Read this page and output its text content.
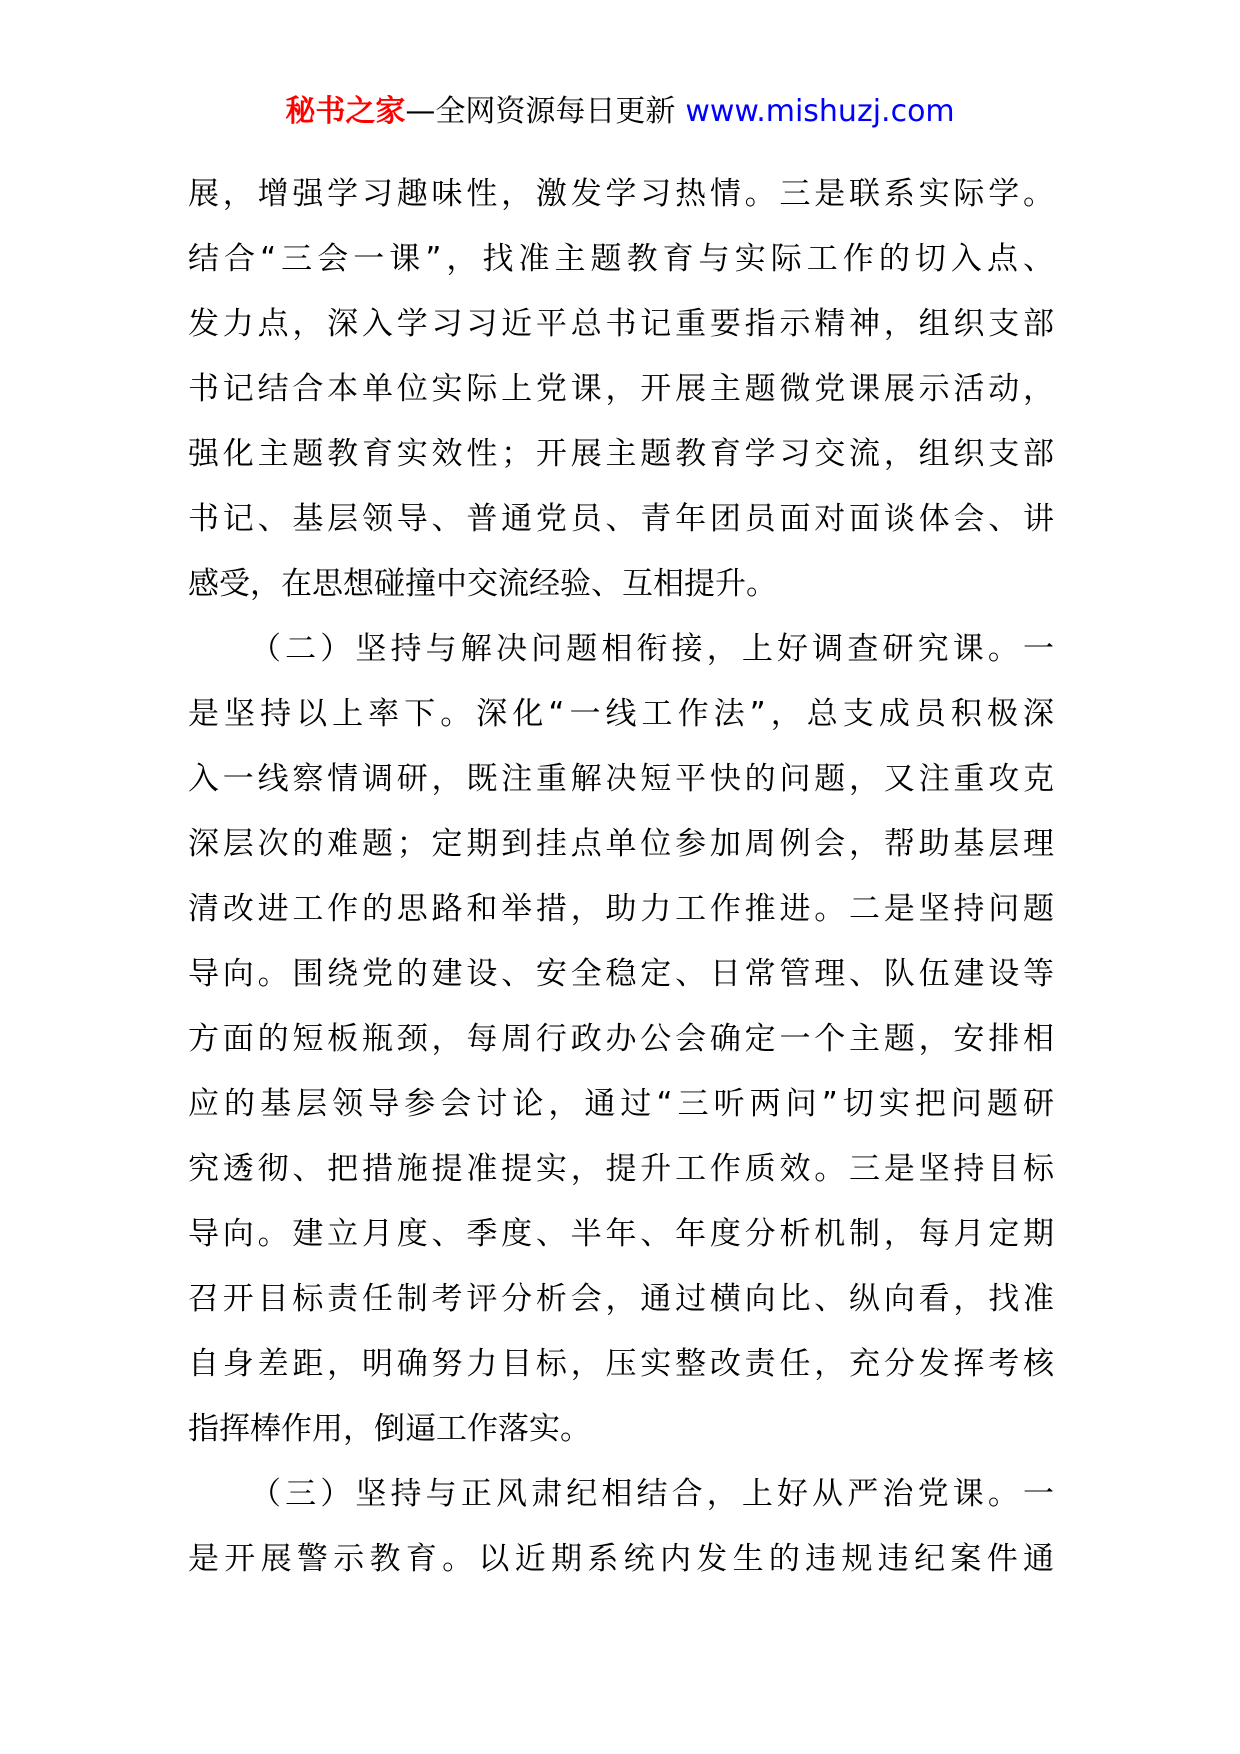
秘书之家—全网资源每日更新 www.mishuzj.com
展，增强学习趣味性，激发学习热情。三是联系实际学。
结合“三会一课”，找准主题教育与实际工作的切入点、
发力点，深入学习习近平总书记重要指示精神，组织支部
书记结合本单位实际上党课，开展主题微党课展示活动，
强化主题教育实效性；开展主题教育学习交流，组织支部
书记、基层领导、普通党员、青年团员面对面谈体会、讲
感受，在思想碰撞中交流经验、互相提升。
（二）坚持与解决问题相衔接，上好调查研究课。一
是坚持以上率下。深化“一线工作法”，总支成员积极深
入一线察情调研，既注重解决短平快的问题，又注重攻克
深层次的难题；定期到挂点单位参加周例会，帮助基层理
清改进工作的思路和举措，助力工作推进。二是坚持问题
导向。围绕党的建设、安全稳定、日常管理、队伍建设等
方面的短板瓶颈，每周行政办公会确定一个主题，安排相
应的基层领导参会讨论，通过“三听两问”切实把问题研
究透彻、把措施提准提实，提升工作质效。三是坚持目标
导向。建立月度、季度、半年、年度分析机制，每月定期
召开目标责任制考评分析会，通过横向比、纵向看，找准
自身差距，明确努力目标，压实整改责任，充分发挥考核
指挥棒作用，倒逼工作落实。
（三）坚持与正风肃纪相结合，上好从严治党课。一
是开展警示教育。以近期系统内发生的违规违纪案件通
